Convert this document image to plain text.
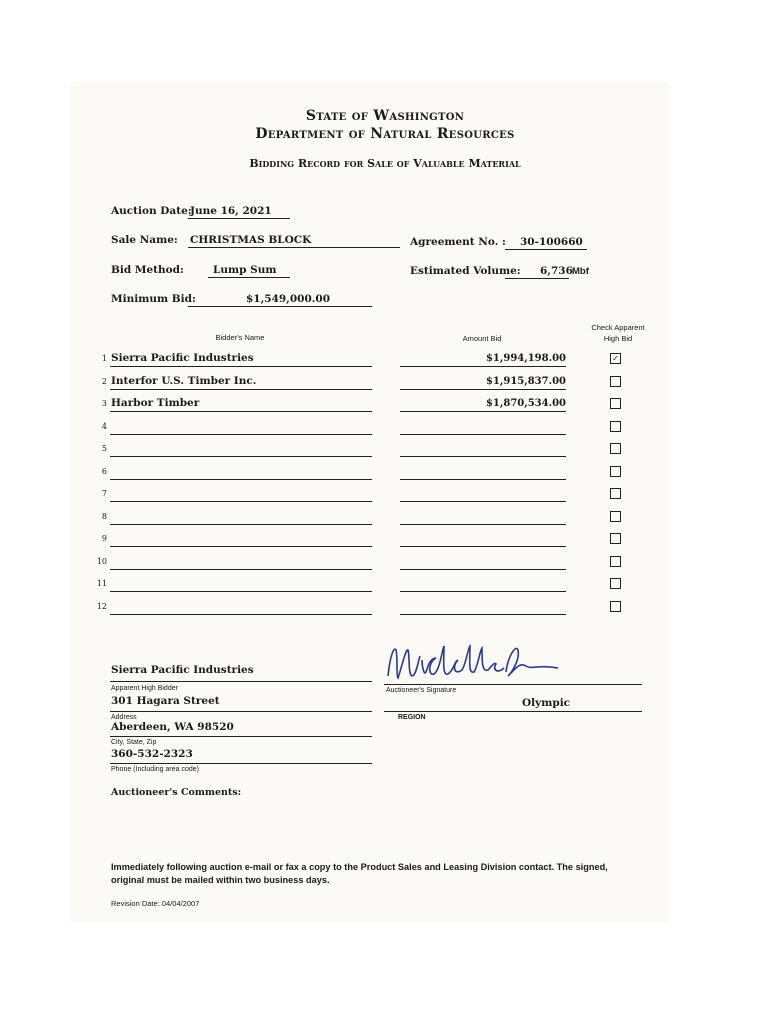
State of Washington
Department of Natural Resources
Bidding Record for Sale of Valuable Material
Auction Date:
June 16, 2021
Sale Name: CHRISTMAS BLOCK	Agreement No. : 30-100660
Bid Method:	Lump Sum	Estimated Volume: 6,736 Mbf
Minimum Bid:	$1,549,000.00
Bidder's Name	Amount Bid
Check Apparent
High Bid
1 Sierra Pacific Industries	$1,994,198.00	✓
2 Interfor U.S. Timber Inc.	$1,915,837.00
3 Harbor Timber	$1,870,534.00
4
5
6
7
8
9
10
11
12
Sierra Pacific Industries
Apparent High Bidder
301 Hagara Street
Address
Aberdeen, WA 98520
City, State, Zip
360-532-2323
Phone (Including area code)
Auctioneer's Signature
Olympic
REGION
Auctioneer's Comments:
Immediately following auction e-mail or fax a copy to the Product Sales and Leasing Division contact. The signed, original must be mailed within two business days.
Revision Date: 04/04/2007
